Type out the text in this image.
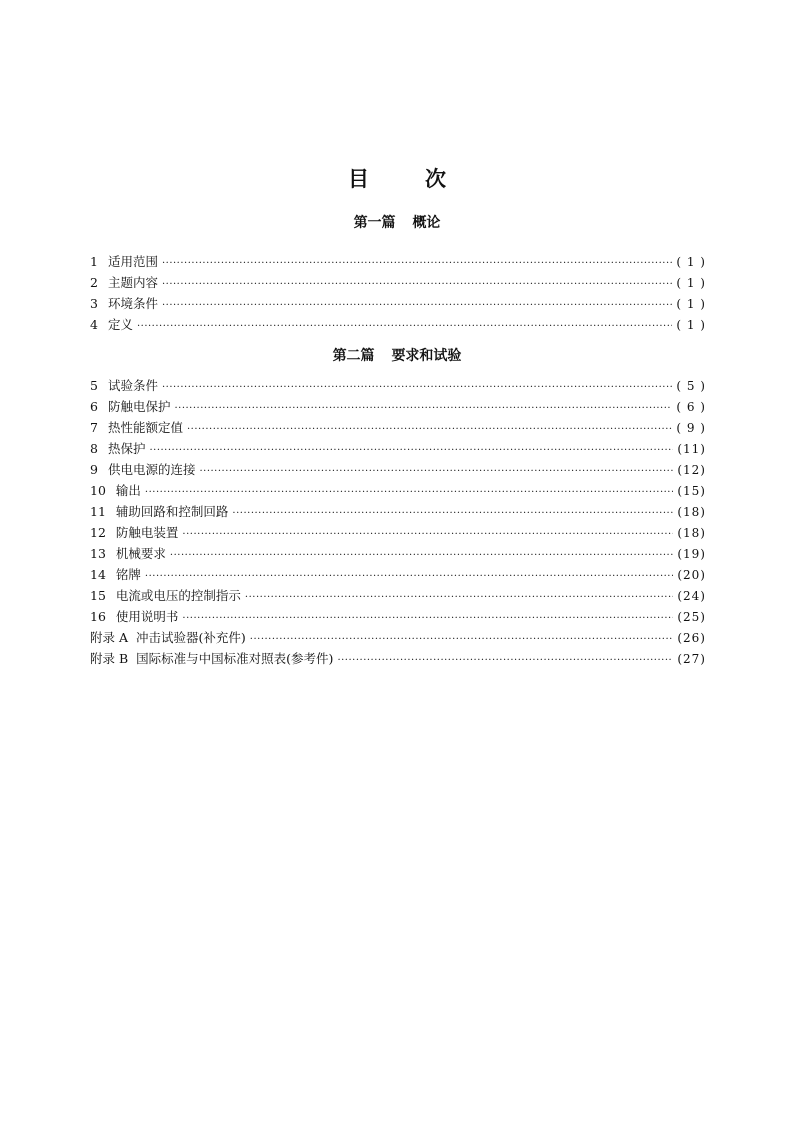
目	次
第一篇 概论
1 适用范围 ·····	( 1 )
2 主题内容 ·····	( 1 )
3 环境条件 ·····	( 1 )
4 定义 ·····	( 1 )
第二篇 要求和试验
5 试验条件 ·····	( 5 )
6 防触电保护 ·····	( 6 )
7 热性能额定值 ·····	( 9 )
8 热保护 ·····	(11)
9 供电电源的连接 ·····	(12)
10 输出 ·····	(15)
11 辅助回路和控制回路 ·····	(18)
12 防触电装置 ·····	(18)
13 机械要求 ·····	(19)
14 铭牌 ·····	(20)
15 电流或电压的控制指示 ·····	(24)
16 使用说明书 ·····	(25)
附录 A 冲击试验器(补充件) ·····	(26)
附录 B 国际标准与中国标准对照表(参考件) ·····	(27)
